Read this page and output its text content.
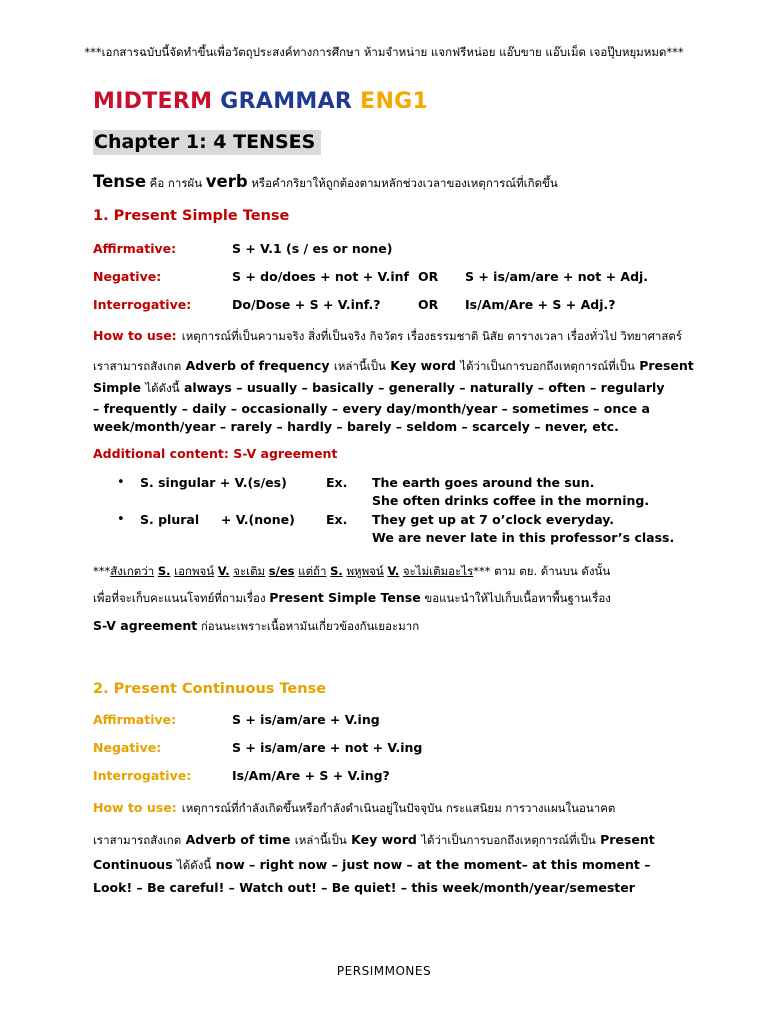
***เอกสารฉบับนี้จัดทำขึ้นเพื่อวัตถุประสงค์ทางการศึกษา ห้ามจำหน่าย แจกฟรีหน่อย แอ๊บขาย แอ๊บเม็ด เจอปุ๊บหยุมหมด***
MIDTERM GRAMMAR ENG1
Chapter 1: 4 TENSES
Tense คือ การผัน verb หรือคำกริยาให้ถูกต้องตามหลักช่วงเวลาของเหตุการณ์ที่เกิดขึ้น
1. Present Simple Tense
Affirmative:	S + V.1 (s / es or none)
Negative:	S + do/does + not + V.inf OR S + is/am/are + not + Adj.
Interrogative:	Do/Dose + S + V.inf.?	OR Is/Am/Are + S + Adj.?
How to use: เหตุการณ์ที่เป็นความจริง สิ่งที่เป็นจริง กิจวัตร เรื่องธรรมชาติ นิสัย ตารางเวลา เรื่องทั่วไป วิทยาศาสตร์
เราสามารถสังเกต Adverb of frequency เหล่านี้เป็น Key word ได้ว่าเป็นการบอกถึงเหตุการณ์ที่เป็น Present
Simple ได้ดังนี้ always – usually – basically – generally – naturally – often – regularly
– frequently – daily – occasionally – every day/month/year – sometimes – once a
week/month/year – rarely – hardly – barely – seldom – scarcely – never, etc.
Additional content: S-V agreement
• S. singular + V.(s/es)	Ex. The earth goes around the sun.
She often drinks coffee in the morning.
• S. plural     + V.(none) Ex. They get up at 7 o’clock everyday.
We are never late in this professor’s class.
***สังเกตว่า S. เอกพจน์ V. จะเติม s/es แต่ถ้า S. พหูพจน์ V. จะไม่เติมอะไร*** ตาม ตย. ด้านบน ดังนั้น
เพื่อที่จะเก็บคะแนนโจทย์ที่ถามเรื่อง Present Simple Tense ขอแนะนำให้ไปเก็บเนื้อหาพื้นฐานเรื่อง
S-V agreement ก่อนนะเพราะเนื้อหามันเกี่ยวข้องกันเยอะมาก
2. Present Continuous Tense
Affirmative:	S + is/am/are + V.ing
Negative:	S + is/am/are + not + V.ing
Interrogative:	Is/Am/Are + S + V.ing?
How to use: เหตุการณ์ที่กำลังเกิดขึ้นหรือกำลังดำเนินอยู่ในปัจจุบัน กระแสนิยม การวางแผนในอนาคต
เราสามารถสังเกต Adverb of time เหล่านี้เป็น Key word ได้ว่าเป็นการบอกถึงเหตุการณ์ที่เป็น Present
Continuous ได้ดังนี้ now – right now – just now – at the moment– at this moment –
Look! – Be careful! – Watch out! – Be quiet! – this week/month/year/semester
PERSIMMONES
